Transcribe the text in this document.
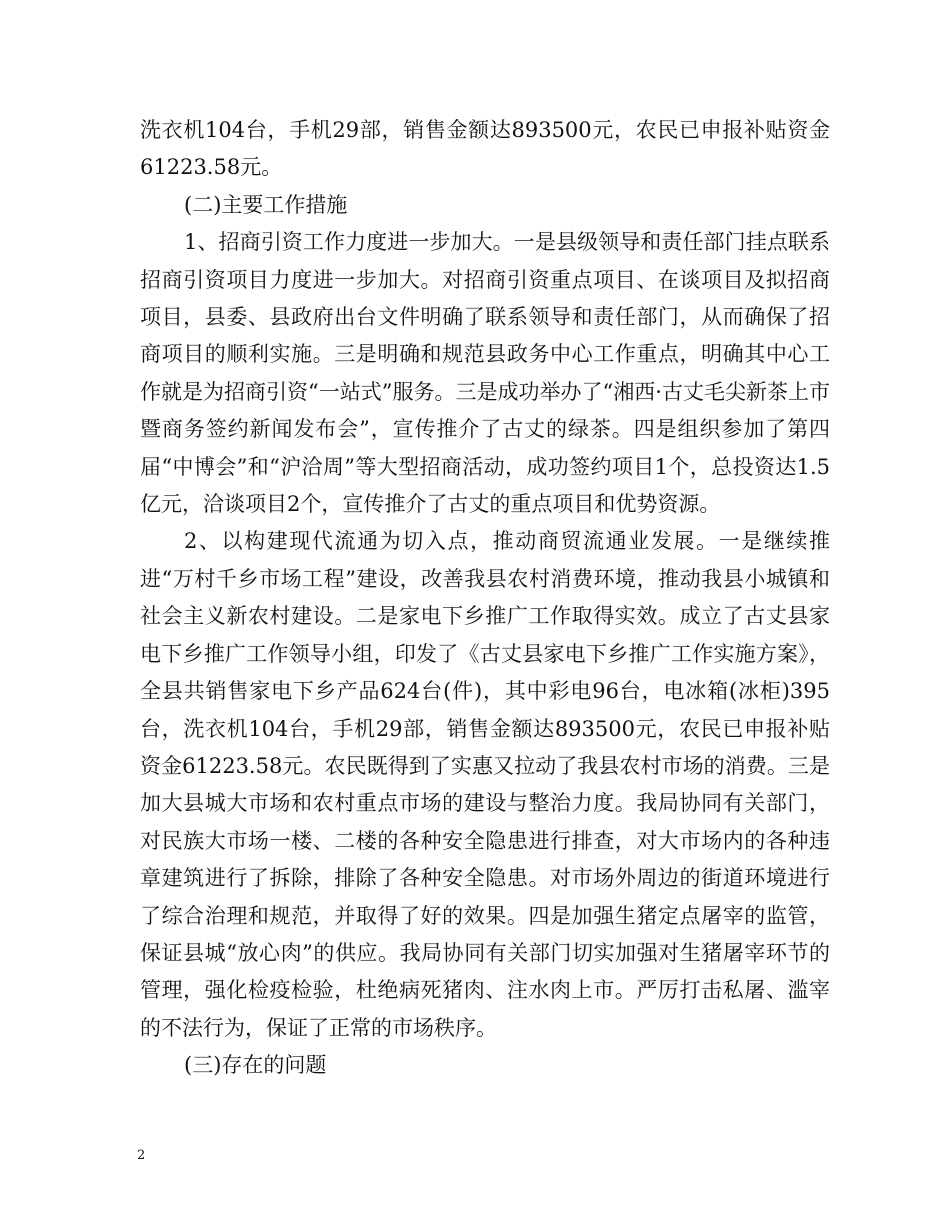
洗衣机104台，手机29部，销售金额达893500元，农民已申报补贴资金61223.58元。

(二)主要工作措施

1、招商引资工作力度进一步加大。一是县级领导和责任部门挂点联系招商引资项目力度进一步加大。对招商引资重点项目、在谈项目及拟招商项目，县委、县政府出台文件明确了联系领导和责任部门，从而确保了招商项目的顺利实施。三是明确和规范县政务中心工作重点，明确其中心工作就是为招商引资“一站式”服务。三是成功举办了“湘西·古丈毛尖新茶上市暨商务签约新闻发布会”，宣传推介了古丈的绿茶。四是组织参加了第四届“中博会”和“沪洽周”等大型招商活动，成功签约项目1个，总投资达1.5亿元，洽谈项目2个，宣传推介了古丈的重点项目和优势资源。

2、以构建现代流通为切入点，推动商贸流通业发展。一是继续推进“万村千乡市场工程”建设，改善我县农村消费环境，推动我县小城镇和社会主义新农村建设。二是家电下乡推广工作取得实效。成立了古丈县家电下乡推广工作领导小组，印发了《古丈县家电下乡推广工作实施方案》，全县共销售家电下乡产品624台(件)，其中彩电96台，电冰箱(冰柜)395台，洗衣机104台，手机29部，销售金额达893500元，农民已申报补贴资金61223.58元。农民既得到了实惠又拉动了我县农村市场的消费。三是加大县城大市场和农村重点市场的建设与整治力度。我局协同有关部门，对民族大市场一楼、二楼的各种安全隐患进行排查，对大市场内的各种违章建筑进行了拆除，排除了各种安全隐患。对市场外周边的街道环境进行了综合治理和规范，并取得了好的效果。四是加强生猪定点屠宰的监管，保证县城“放心肉”的供应。我局协同有关部门切实加强对生猪屠宰环节的管理，强化检疫检验，杜绝病死猪肉、注水肉上市。严厉打击私屠、滥宰的不法行为，保证了正常的市场秩序。

(三)存在的问题

2
